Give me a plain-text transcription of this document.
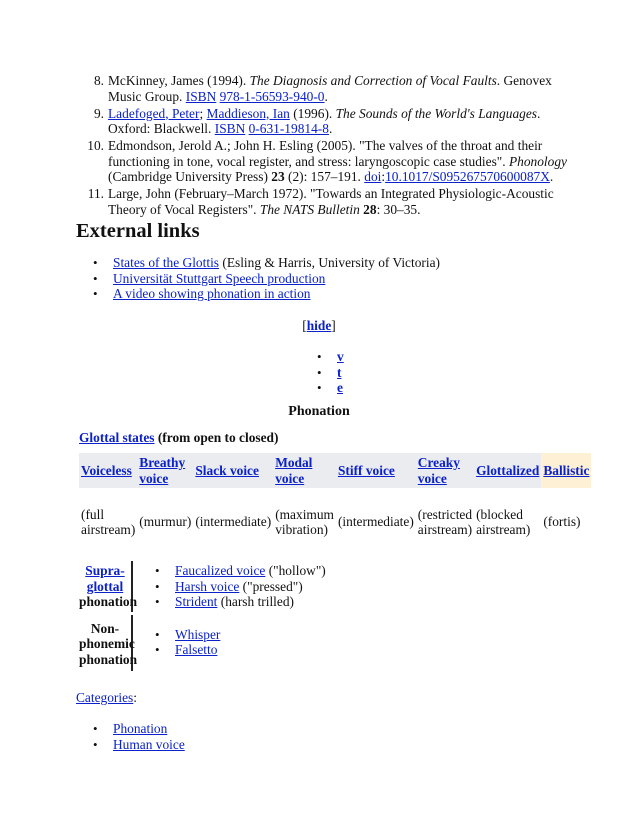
8. McKinney, James (1994). The Diagnosis and Correction of Vocal Faults. Genovex Music Group. ISBN 978-1-56593-940-0.
9. Ladefoged, Peter; Maddieson, Ian (1996). The Sounds of the World's Languages. Oxford: Blackwell. ISBN 0-631-19814-8.
10. Edmondson, Jerold A.; John H. Esling (2005). "The valves of the throat and their functioning in tone, vocal register, and stress: laryngoscopic case studies". Phonology (Cambridge University Press) 23 (2): 157–191. doi:10.1017/S095267570600087X.
11. Large, John (February–March 1972). "Towards an Integrated Physiologic-Acoustic Theory of Vocal Registers". The NATS Bulletin 28: 30–35.
External links
• States of the Glottis (Esling & Harris, University of Victoria)
• Universität Stuttgart Speech production
• A video showing phonation in action
[hide]
• v
• t
• e
Phonation
Glottal states (from open to closed)
Voiceless	Breathy voice	Slack voice	Modal voice	Stiff voice	Creaky voice	Glottalized	Ballistic
(full airstream)	(murmur)	(intermediate)	(maximum vibration)	(intermediate)	(restricted airstream)	(blocked airstream)	(fortis)
Supra-glottal
phonation
• Faucalized voice ("hollow")
• Harsh voice ("pressed")
• Strident (harsh trilled)
Non-phonemic phonation
• Whisper
• Falsetto
Categories:
• Phonation
• Human voice
